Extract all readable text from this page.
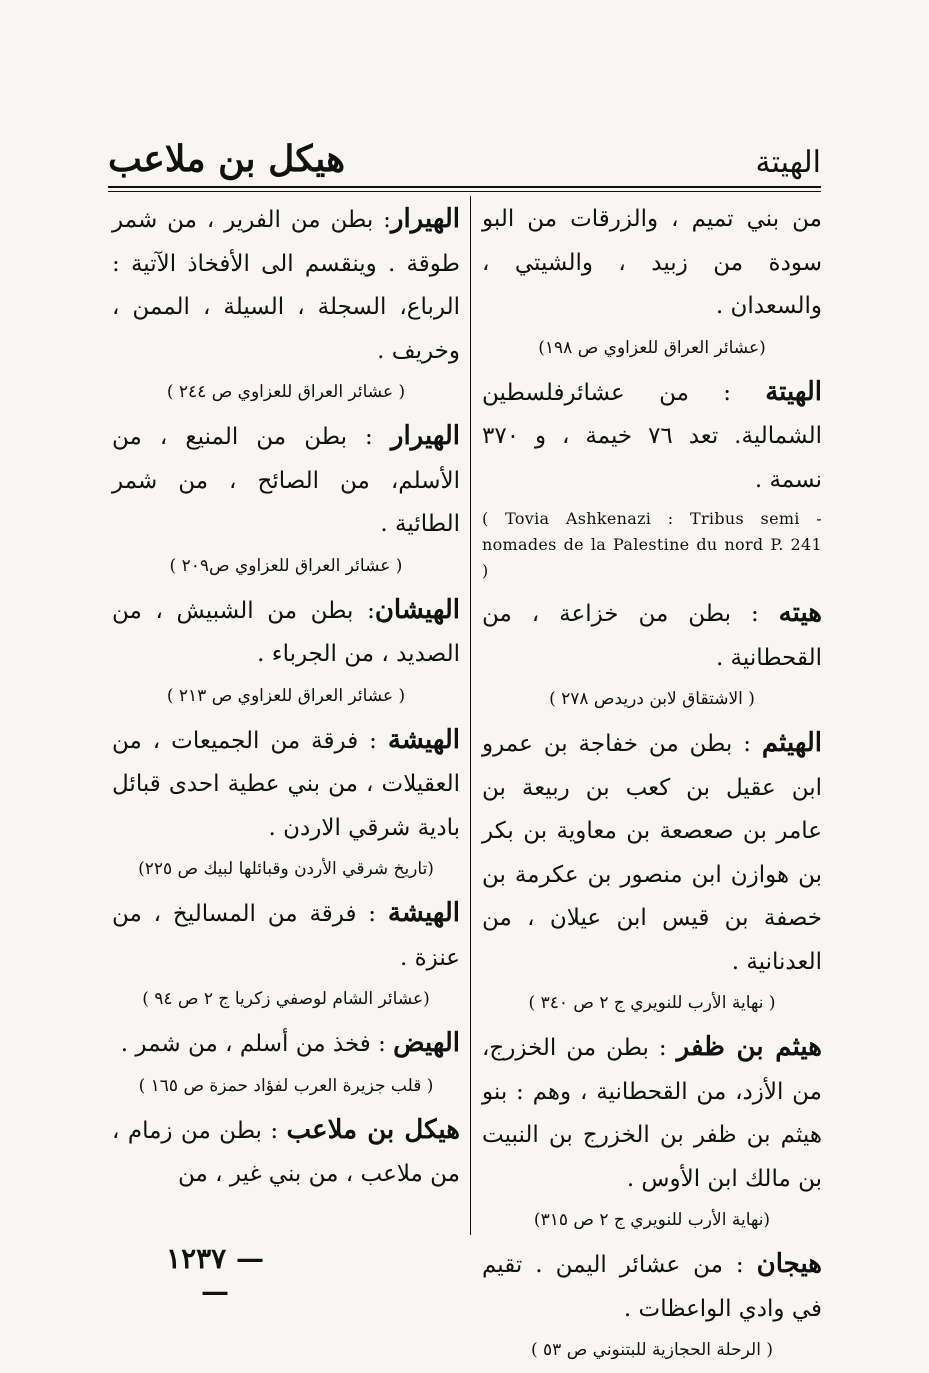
الهيتة
هيكل بن ملاعب
من بني تميم ، والزرقات من البو سودة من زبيد ، والشيتي ، والسعدان .
(عشائر العراق للعزاوي ص ١٩٨)
الهيتة : من عشائرفلسطين الشمالية. تعد ٧٦ خيمة ، و ٣٧٠ نسمة .
( Tovia Ashkenazi : Tribus semi - nomades de la Palestine du nord P. 241 )
هيته : بطن من خزاعة ، من القحطانية .
( الاشتقاق لابن دريدص ٢٧٨ )
الهيثم : بطن من خفاجة بن عمرو ابن عقيل بن كعب بن ربيعة بن عامر بن صعصعة بن معاوية بن بكر بن هوازن ابن منصور بن عكرمة بن خصفة بن قيس ابن عيلان ، من العدنانية .
( نهاية الأرب للنويري ج ٢ ص ٣٤٠ )
هيثم بن ظفر : بطن من الخزرج، من الأزد، من القحطانية ، وهم : بنو هيثم بن ظفر بن الخزرج بن النبيت بن مالك ابن الأوس .
(نهاية الأرب للنويري ج ٢ ص ٣١٥)
هيجان : من عشائر اليمن . تقيم في وادي الواعظات .
( الرحلة الحجازية للبتنوني ص ٥٣ )
الهيرار: بطن من الفرير ، من شمر طوقة . وينقسم الى الأفخاذ الآتية : الرباع، السجلة ، السيلة ، الممن ، وخريف .
( عشائر العراق للعزاوي ص ٢٤٤ )
الهيرار : بطن من المنيع ، من الأسلم، من الصائح ، من شمر الطائية .
( عشائر العراق للعزاوي ص٢٠٩ )
الهيشان: بطن من الشبيش ، من الصديد ، من الجرباء .
( عشائر العراق للعزاوي ص ٢١٣ )
الهيشة : فرقة من الجميعات ، من العقيلات ، من بني عطية احدى قبائل بادية شرقي الاردن .
(تاريخ شرقي الأردن وقبائلها لبيك ص ٢٢٥)
الهيشة : فرقة من المساليخ ، من عنزة .
(عشائر الشام لوصفي زكريا ج ٢ ص ٩٤ )
الهيض : فخذ من أسلم ، من شمر .
( قلب جزيرة العرب لفؤاد حمزة ص ١٦٥ )
هيكل بن ملاعب : بطن من زمام ، من ملاعب ، من بني غير ، من
— ١٢٣٧ —
